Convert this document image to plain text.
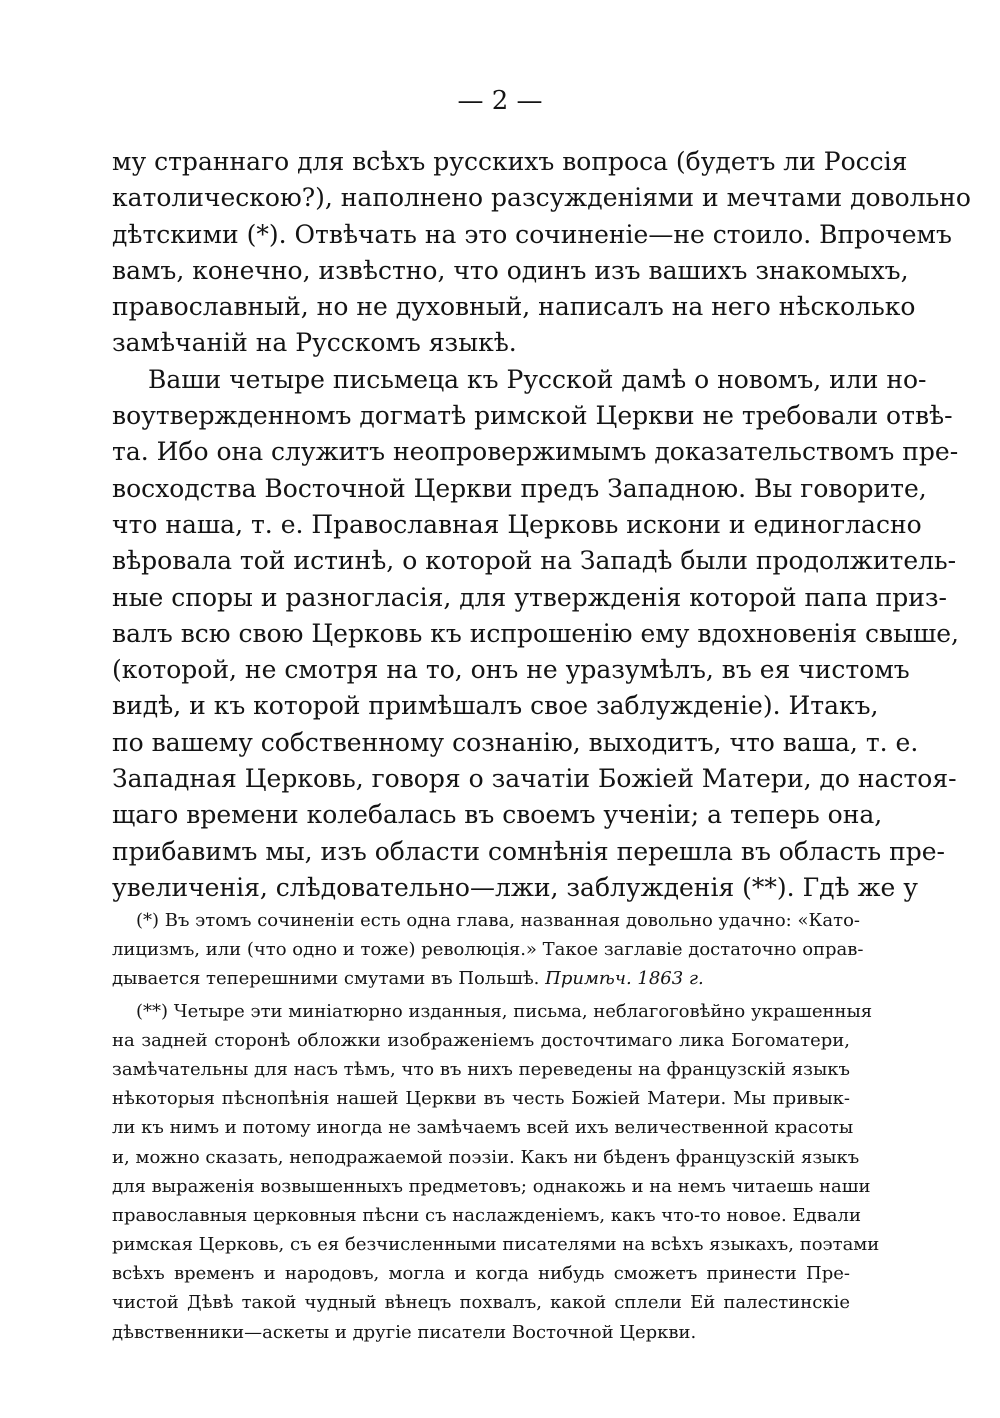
— 2 —
му страннаго для всѣхъ русскихъ вопроса (будетъ ли Россія
католическою?), наполнено разсужденіями и мечтами довольно
дѣтскими (*). Отвѣчать на это сочиненіе—не стоило. Впрочемъ
вамъ, конечно, извѣстно, что одинъ изъ вашихъ знакомыхъ,
православный, но не духовный, написалъ на него нѣсколько
замѣчаній на Русскомъ языкѣ.
Ваши четыре письмеца къ Русской дамѣ о новомъ, или но-
воутвержденномъ догматѣ римской Церкви не требовали отвѣ-
та. Ибо она служитъ неопровержимымъ доказательствомъ пре-
восходства Восточной Церкви предъ Западною. Вы говорите,
что наша, т. е. Православная Церковь искони и единогласно
вѣровала той истинѣ, о которой на Западѣ были продолжитель-
ные споры и разногласія, для утвержденія которой папа приз-
валъ всю свою Церковь къ испрошенію ему вдохновенія свыше,
(которой, не смотря на то, онъ не уразумѣлъ, въ ея чистомъ
видѣ, и къ которой примѣшалъ свое заблужденіе). Итакъ,
по вашему собственному сознанію, выходитъ, что ваша, т. е.
Западная Церковь, говоря о зачатіи Божіей Матери, до настоя-
щаго времени колебалась въ своемъ ученіи; а теперь она,
прибавимъ мы, изъ области сомнѣнія перешла въ область пре-
увеличенія, слѣдовательно—лжи, заблужденія (**). Гдѣ же у
(*) Въ этомъ сочиненіи есть одна глава, названная довольно удачно: «Като-
лицизмъ, или (что одно и тоже) революція.» Такое заглавіе достаточно оправ-
дывается теперешними смутами въ Польшѣ. Примѣч. 1863 г.
(**) Четыре эти миніатюрно изданныя, письма, неблагоговѣйно украшенныя
на задней сторонѣ обложки изображеніемъ досточтимаго лика Богоматери,
замѣчательны для насъ тѣмъ, что въ нихъ переведены на французскій языкъ
нѣкоторыя пѣснопѣнія нашей Церкви въ честь Божіей Матери. Мы привык-
ли къ нимъ и потому иногда не замѣчаемъ всей ихъ величественной красоты
и, можно сказать, неподражаемой поэзіи. Какъ ни бѣденъ французскій языкъ
для выраженія возвышенныхъ предметовъ; однакожь и на немъ читаешь наши
православныя церковныя пѣсни съ наслажденіемъ, какъ что-то новое. Едвали
римская Церковь, съ ея безчисленными писателями на всѣхъ языкахъ, поэтами
всѣхъ временъ и народовъ, могла и когда нибудь сможетъ принести Пре-
чистой Дѣвѣ такой чудный вѣнецъ похвалъ, какой сплели Ей палестинскіе
дѣвственники—аскеты и другіе писатели Восточной Церкви.
